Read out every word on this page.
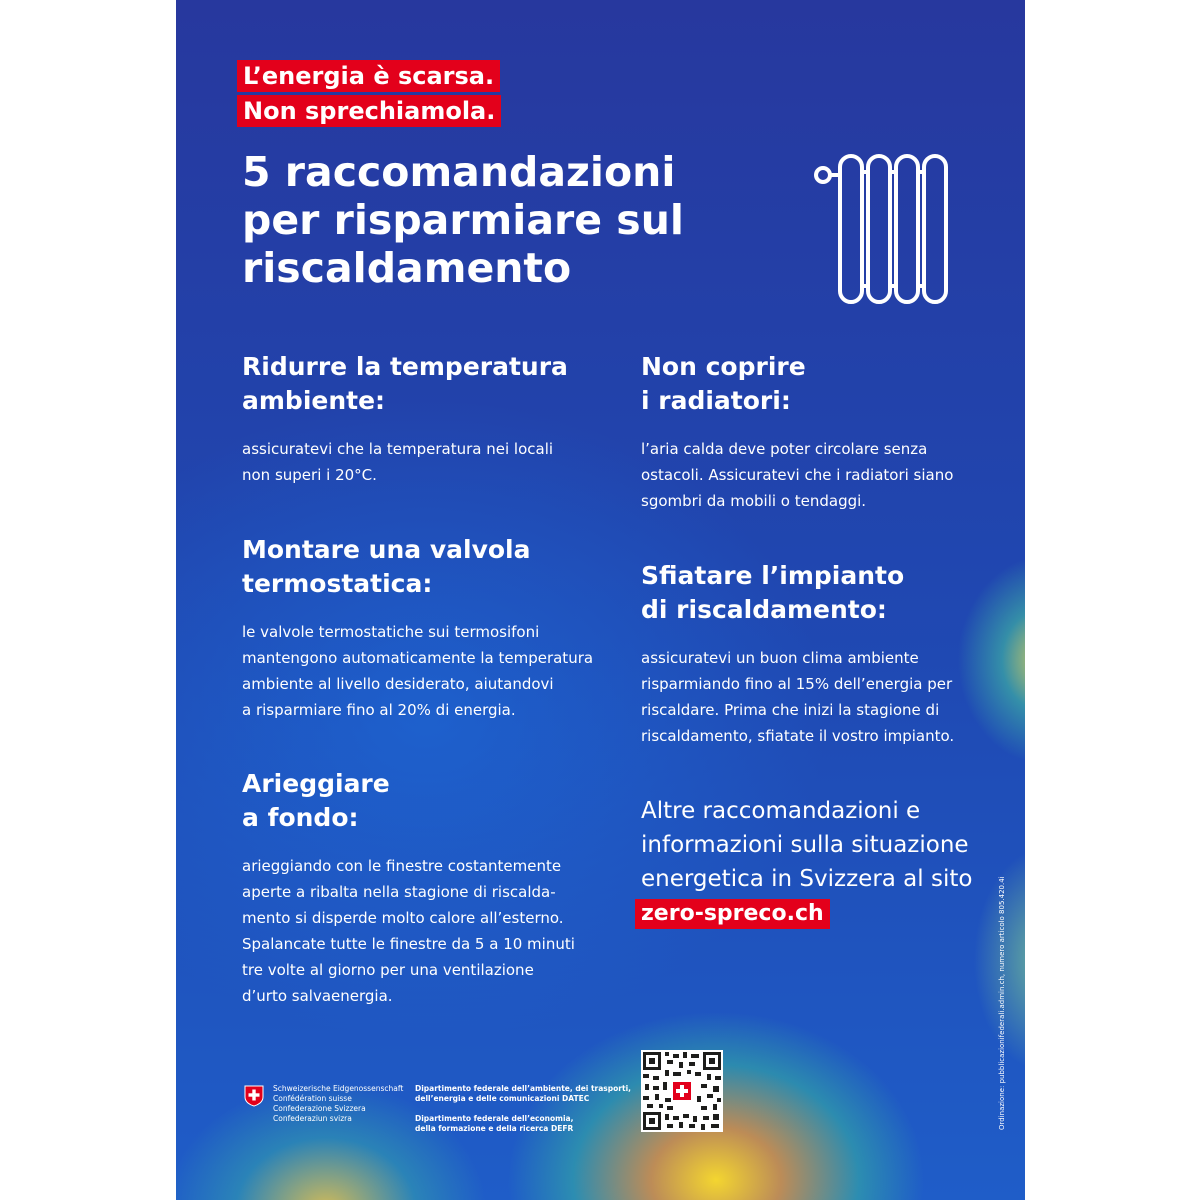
L’energia è scarsa.
Non sprechiamola.
5 raccomandazioni per risparmiare sul riscaldamento
Ridurre la temperatura
ambiente:

assicuratevi che la temperatura nei locali
non superi i 20°C.

Non coprire
i radiatori:

l’aria calda deve poter circolare senza
ostacoli. Assicuratevi che i radiatori siano
sgombri da mobili o tendaggi.

Montare una valvola
termostatica:

le valvole termostatiche sui termosifoni
mantengono automaticamente la temperatura
ambiente al livello desiderato, aiutandovi
a risparmiare fino al 20% di energia.

Sfiatare l’impianto
di riscaldamento:

assicuratevi un buon clima ambiente
risparmiando fino al 15% dell’energia per
riscaldare. Prima che inizi la stagione di
riscaldamento, sfiatate il vostro impianto.

Arieggiare
a fondo:

arieggiando con le finestre costantemente
aperte a ribalta nella stagione di riscalda-
mento si disperde molto calore all’esterno.
Spalancate tutte le finestre da 5 a 10 minuti
tre volte al giorno per una ventilazione
d’urto salvaenergia.

Altre raccomandazioni e
informazioni sulla situazione
energetica in Svizzera al sito
zero-spreco.ch
Schweizerische Eidgenossenschaft
Confédération suisse
Confederazione Svizzera
Confederaziun svizra
Dipartimento federale dell’ambiente, dei trasporti,
dell’energia e delle comunicazioni DATEC
Dipartimento federale dell’economia,
della formazione e della ricerca DEFR	Ordinazione: pubblicazionifederali.admin.ch, numero articolo 805.420.4i
